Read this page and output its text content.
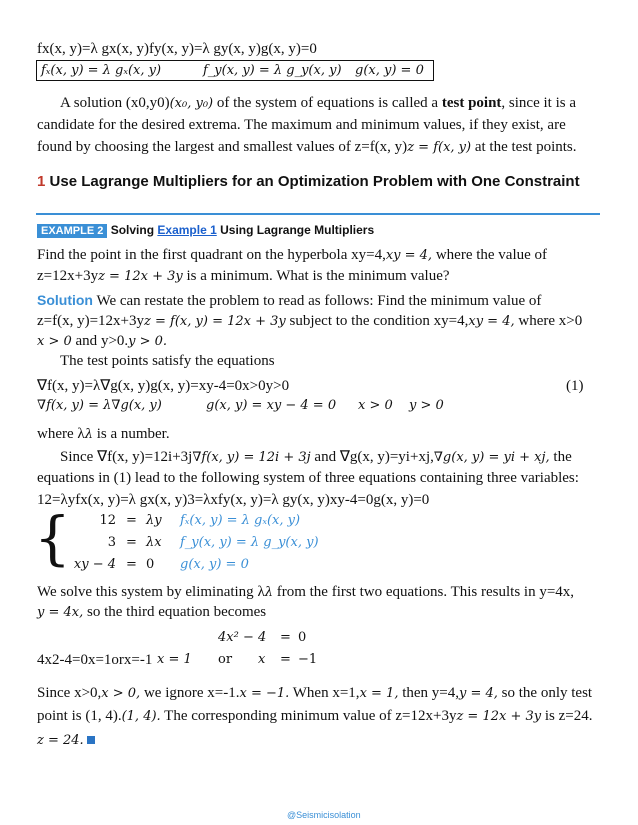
fx(x, y)=λ gx(x, y)fy(x, y)=λ gy(x, y)g(x, y)=0
fₓ(x, y) = λ gₓ(x, y)	f_y(x, y) = λ g_y(x, y) g(x, y) = 0
A solution (x0,y0)(x₀, y₀) of the system of equations is called a test point, since it is a
candidate for the desired extrema. The maximum and minimum values, if they exist, are
found by choosing the largest and smallest values of z=f(x, y)z = f(x, y) at the test points.
1 Use Lagrange Multipliers for an Optimization Problem with One Constraint
EXAMPLE 2 Solving Example 1 Using Lagrange Multipliers
Find the point in the first quadrant on the hyperbola xy=4,xy = 4, where the value of
z=12x+3yz = 12x + 3y is a minimum. What is the minimum value?
Solution We can restate the problem to read as follows: Find the minimum value of
z=f(x, y)=12x+3yz = f(x, y) = 12x + 3y subject to the condition xy=4,xy = 4, where x>0
x > 0 and y>0.y > 0.
The test points satisfy the equations
∇f(x, y)=λ∇g(x, y)g(x, y)=xy-4=0x>0y>0	(1)
∇f(x, y) = λ∇g(x, y)	g(x, y) = xy − 4 = 0 x > 0 y > 0
where λλ is a number.
Since ∇f(x, y)=12i+3j∇f(x, y) = 12i + 3j and ∇g(x, y)=yi+xj,∇g(x, y) = yi + xj, the
equations in (1) lead to the following system of three equations containing three variables:
12=λyfx(x, y)=λ gx(x, y)3=λxfy(x, y)=λ gy(x, y)xy-4=0g(x, y)=0
{	12 = λy fₓ(x, y) = λ gₓ(x, y)
3 = λx f_y(x, y) = λ g_y(x, y)
xy − 4 = 0 g(x, y) = 0
We solve this system by eliminating λλ from the first two equations. This results in y=4x,
y = 4x, so the third equation becomes
4x² − 4 = 0
4x2-4=0x=1orx=-1 x = 1 or x = −1
Since x>0,x > 0, we ignore x=-1.x = −1. When x=1,x = 1, then y=4,y = 4, so the only test
point is (1, 4).(1, 4). The corresponding minimum value of z=12x+3yz = 12x + 3y is z=24.
z = 24.
@Seismicisolation
